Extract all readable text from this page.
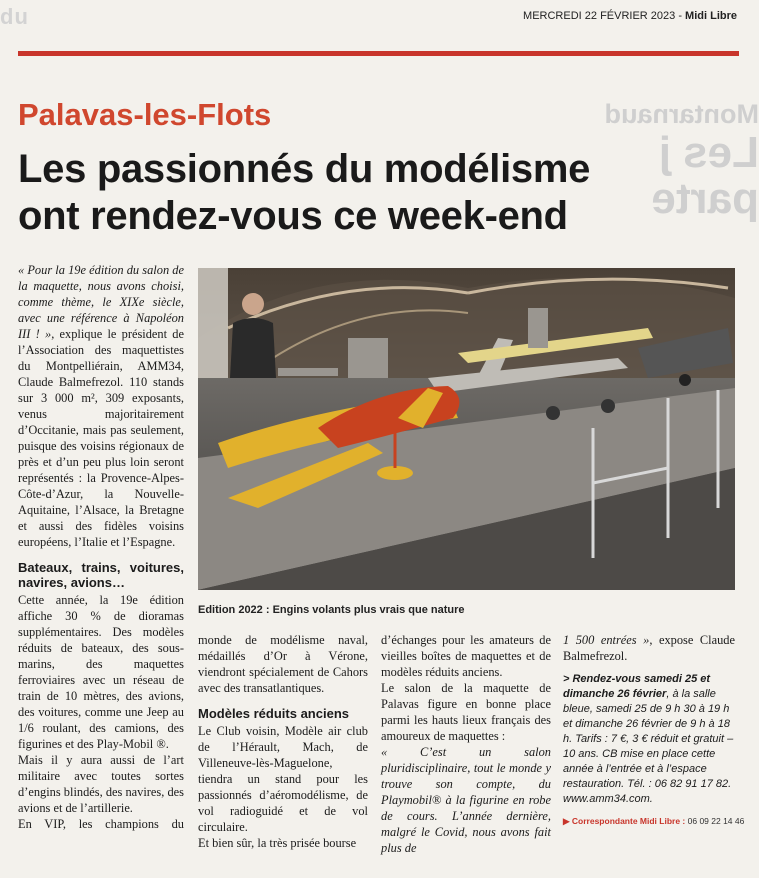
du	MERCREDI 22 FÉVRIER 2023 - Midi Libre
Palavas-les-Flots	Montarnaud
Les j
parte
Les passionnés du modélisme
ont rendez-vous ce week-end
« Pour la 19e édition du salon de la maquette, nous avons choisi, comme thème, le XIXe siècle, avec une référence à Napoléon III ! », explique le président de l’Association des maquettistes du Montpelliérain, AMM34, Claude Balmefrezol. 110 stands sur 3 000 m², 309 exposants, venus majoritairement d’Occitanie, mais pas seulement, puisque des voisins régionaux de près et d’un peu plus loin seront représentés : la Provence-Alpes-Côte-d’Azur, la Nouvelle-Aquitaine, l’Alsace, la Bretagne et aussi des fidèles voisins européens, l’Italie et l’Espagne.
Bateaux, trains, voitures, navires, avions…
Cette année, la 19e édition affiche 30 % de dioramas supplémentaires. Des modèles réduits de bateaux, des sous-marins, des maquettes ferroviaires avec un réseau de train de 10 mètres, des avions, des voitures, comme une Jeep au 1/6 roulant, des camions, des figurines et des Play-Mobil ®.
Mais il y aura aussi de l’art militaire avec toutes sortes d’engins blindés, des navires, des avions et de l’artillerie.
En VIP, les champions du
Edition 2022 : Engins volants plus vrais que nature

monde de modélisme naval, médaillés d’Or à Vérone, viendront spécialement de Cahors avec des transatlantiques.

Modèles réduits anciens

Le Club voisin, Modèle air club de l’Hérault, Mach, de Villeneuve-lès-Maguelone, tiendra un stand pour les passionnés d’aéromodélisme, de vol radioguidé et de vol circulaire.

Et bien sûr, la très prisée bourse

d’échanges pour les amateurs de vieilles boîtes de maquettes et de modèles réduits anciens.

Le salon de la maquette de Palavas figure en bonne place parmi les hauts lieux français des amoureux de maquettes :

« C’est un salon pluridisciplinaire, tout le monde y trouve son compte, du Playmobil® à la figurine en robe de cours. L’année dernière, malgré le Covid, nous avons fait plus de

1 500 entrées », expose Claude Balmefrezol.

> Rendez-vous samedi 25 et dimanche 26 février, à la salle bleue, samedi 25 de 9 h 30 à 19 h et dimanche 26 février de 9 h à 18 h. Tarifs : 7 €, 3 € réduit et gratuit – 10 ans. CB mise en place cette année à l’entrée et à l’espace restauration. Tél. : 06 82 91 17 82. www.amm34.com.
▶ Correspondante Midi Libre : 06 09 22 14 46
